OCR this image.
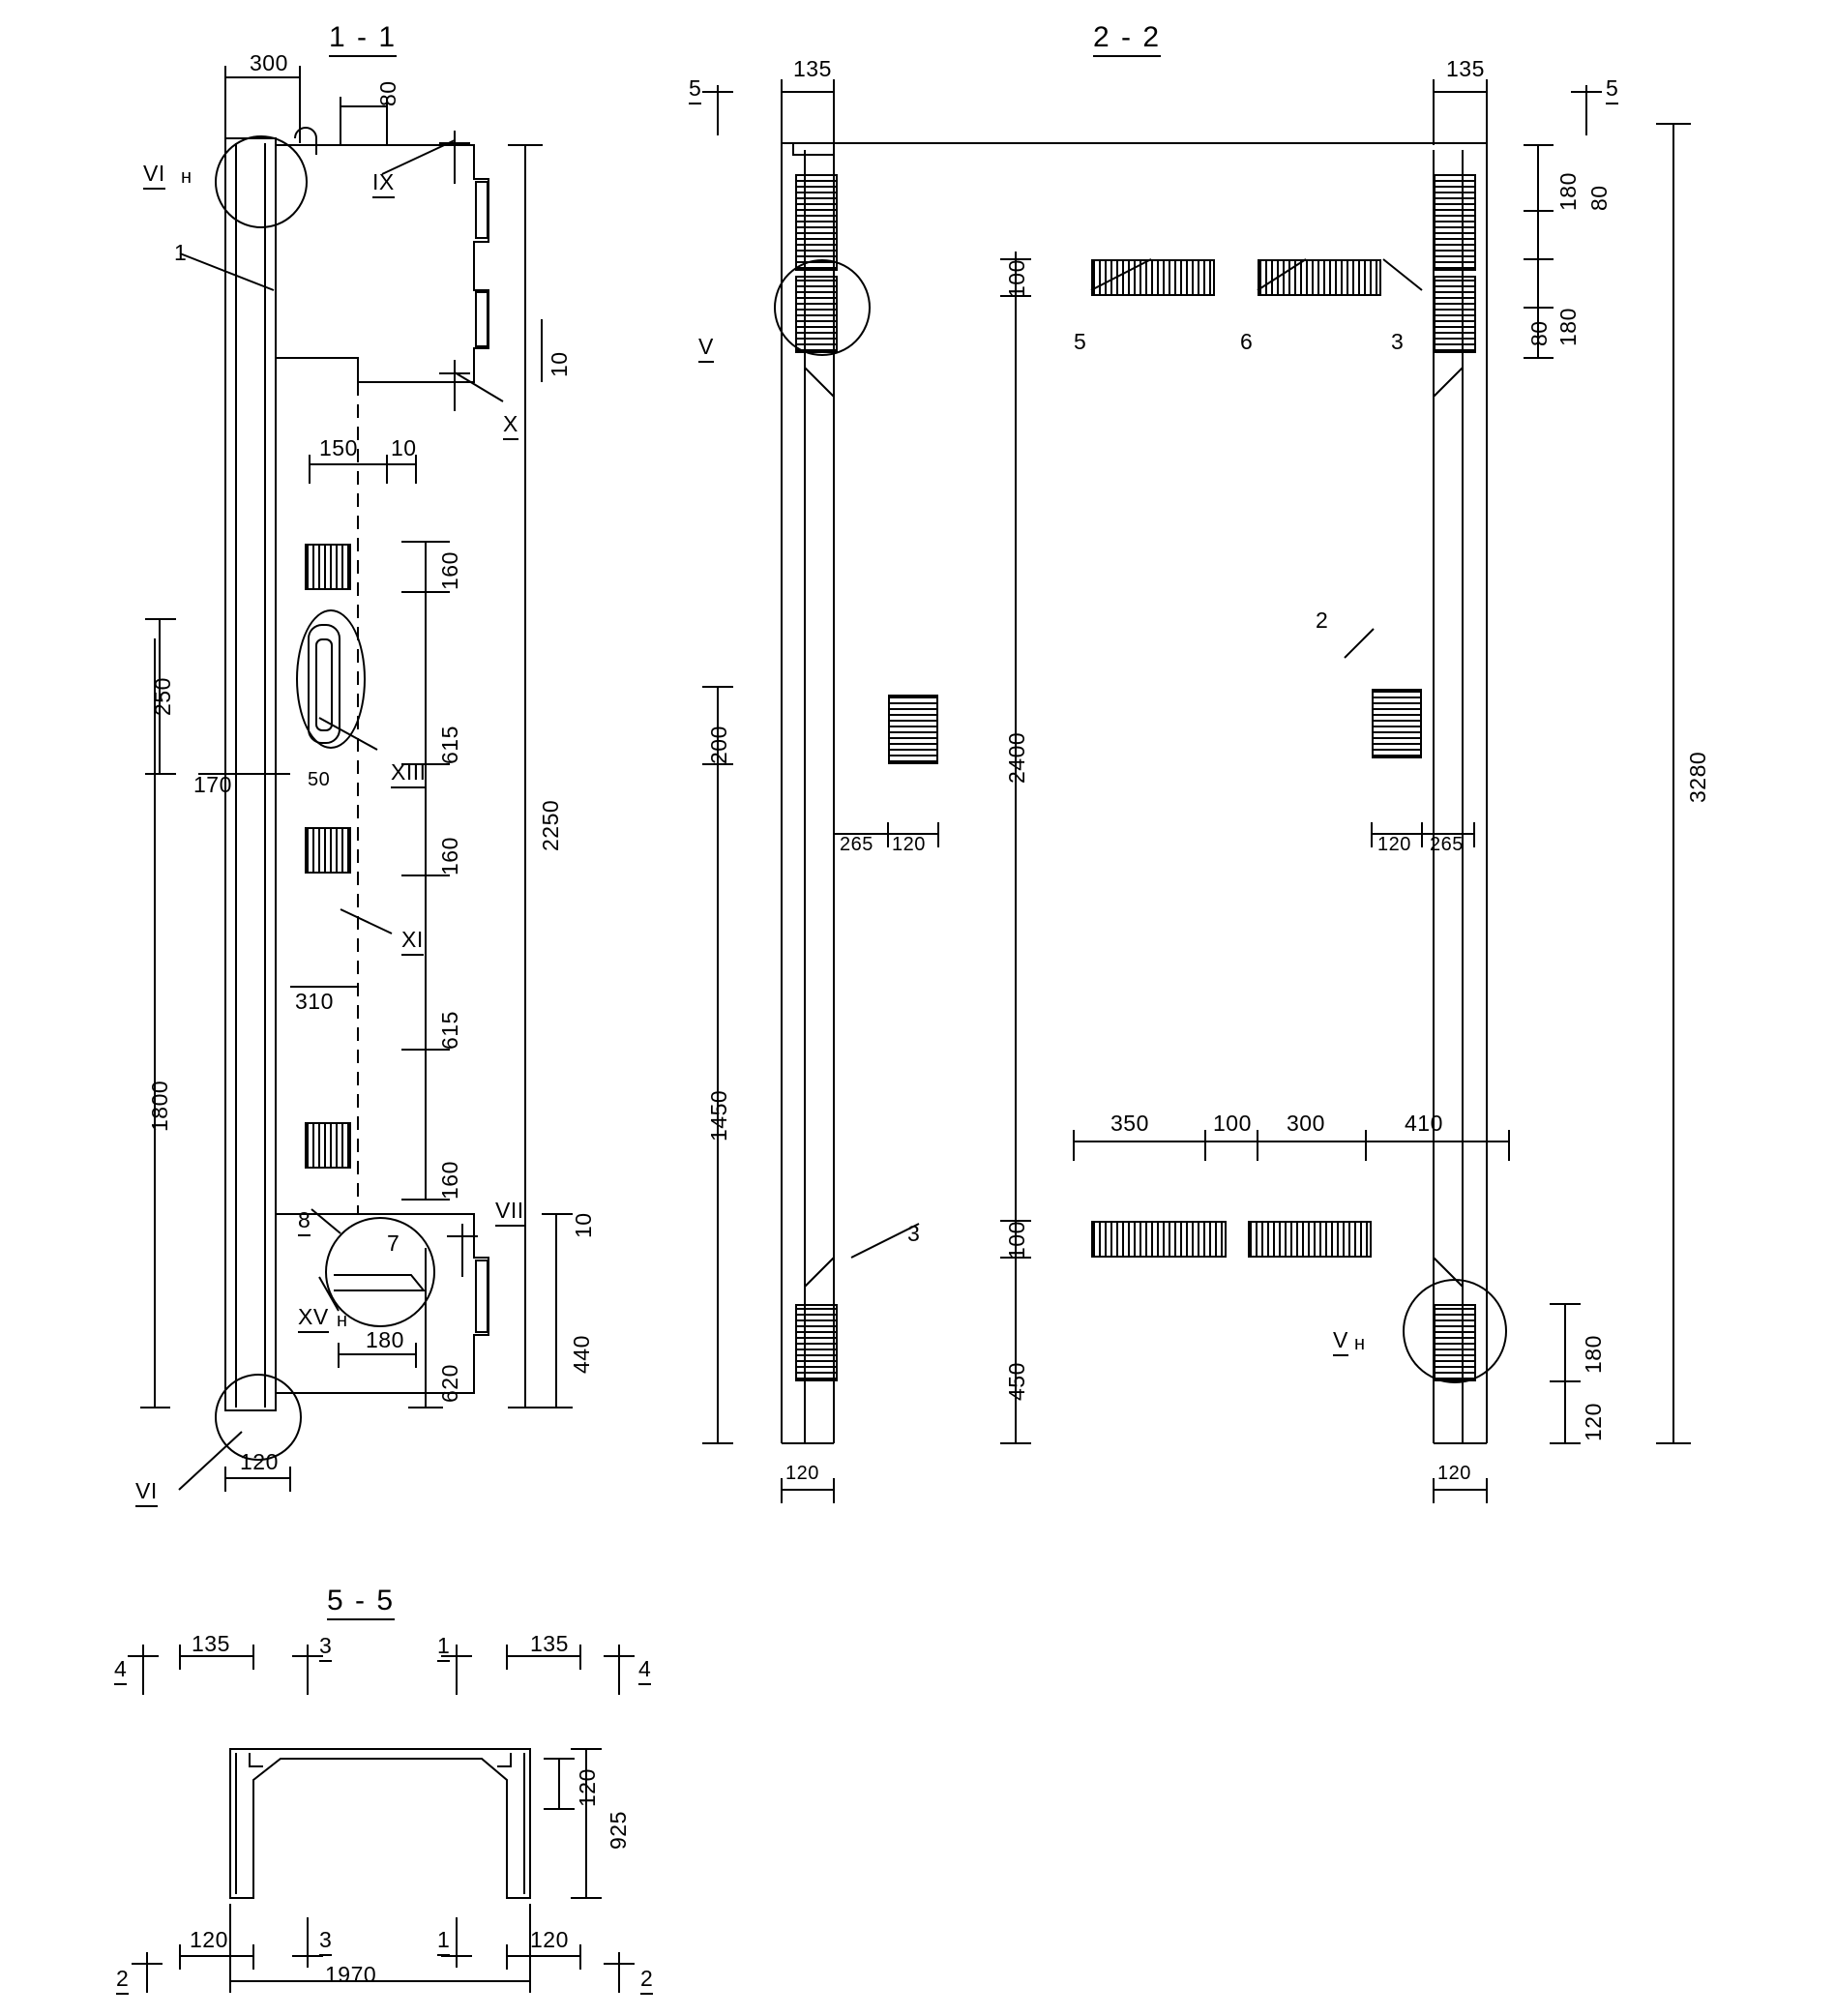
1 - 1
300
80
VI н
1
IX
10
X
150 10
160
615
250
170	50	XIII
2250
160
XI
310
615
1800
160
8
7
VII
10
XV н
180
620
440
VI
120
2 - 2
5	5
135	135
180 80
180
80
3280
V
100
5	6	3
200
265 120
2400
2
120 265
1450	350	100 300	410
3	100
450
V н	180
120
120	120
5 - 5
4
135	3	1	135
4
120
925
120	3	1	120
2	1970	2
